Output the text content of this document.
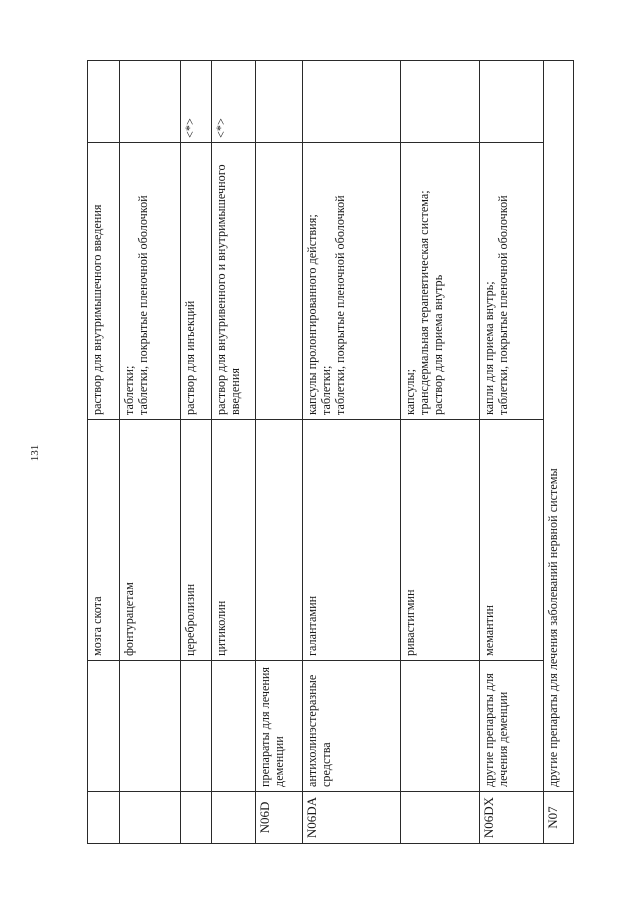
131
		мозга скота	раствор для внутримышечного введения	

		фонтурацетам	таблетки; таблетки, покрытые пленочной оболочкой	

		церебролизин	раствор для инъекций	<*>
		цитиколин	раствор для внутривенного и внутримышечного введения	<*>
N06D	препараты для лечения деменции			
N06DA	антихолинэстеразные средства	галантамин	капсулы пролонгированного действия; таблетки; таблетки, покрытые пленочной оболочкой	

		ривастигмин	капсулы; трансдермальная терапевтическая система; раствор для приема внутрь	

N06DX	другие препараты для лечения деменции	мемантин	капли для приема внутрь; таблетки, покрытые пленочной оболочкой	

N07	другие препараты для лечения заболеваний нервной системы			
